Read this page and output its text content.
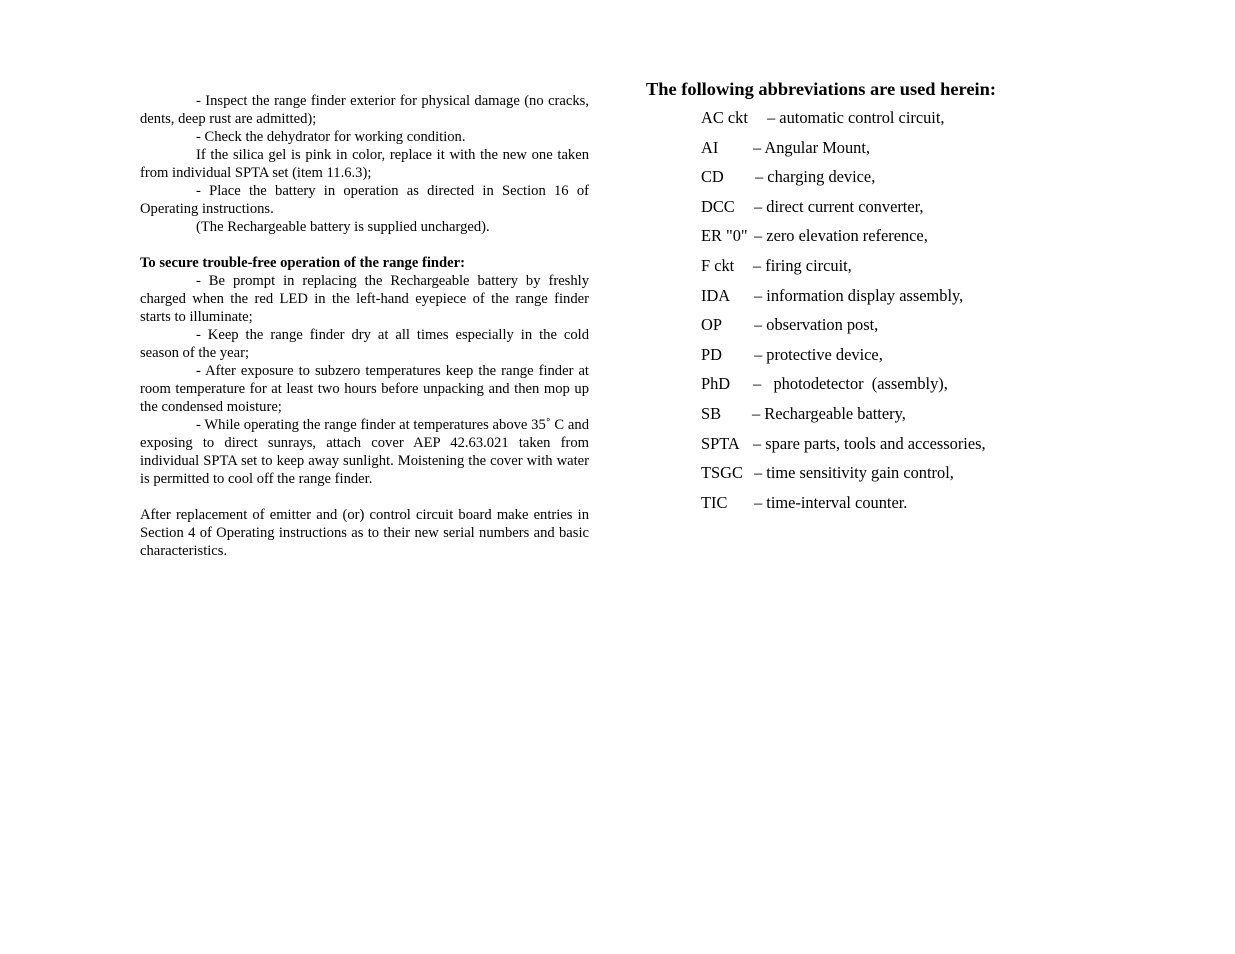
- Inspect the range finder exterior for physical damage (no cracks, dents, deep rust are admitted);

- Check the dehydrator for working condition.

If the silica gel is pink in color, replace it with the new one taken from individual SPTA set (item 11.6.3);

- Place the battery in operation as directed in Section 16 of Operating instructions.

(The Rechargeable battery is supplied uncharged).

To secure trouble-free operation of the range finder:

- Be prompt in replacing the Rechargeable battery by freshly charged when the red LED in the left-hand eyepiece of the range finder starts to illuminate;

- Keep the range finder dry at all times especially in the cold season of the year;

- After exposure to subzero temperatures keep the range finder at room temperature for at least two hours before unpacking and then mop up the condensed moisture;

- While operating the range finder at temperatures above 35˚ C and exposing to direct sunrays, attach cover AEP 42.63.021 taken from individual SPTA set to keep away sunlight. Moistening the cover with water is permitted to cool off the range finder.

After replacement of emitter and (or) control circuit board make entries in Section 4 of Operating instructions as to their new serial numbers and basic characteristics.

The following abbreviations are used herein:
AC ckt – automatic control circuit,
AI – Angular Mount,
CD – charging device,
DCC – direct current converter,
ER "0" – zero elevation reference,
F ckt – firing circuit,
IDA – information display assembly,
OP – observation post,
PD – protective device,
PhD –   photodetector  (assembly),
SB – Rechargeable battery,
SPTA – spare parts, tools and accessories,
TSGC – time sensitivity gain control,
TIC – time-interval counter.
